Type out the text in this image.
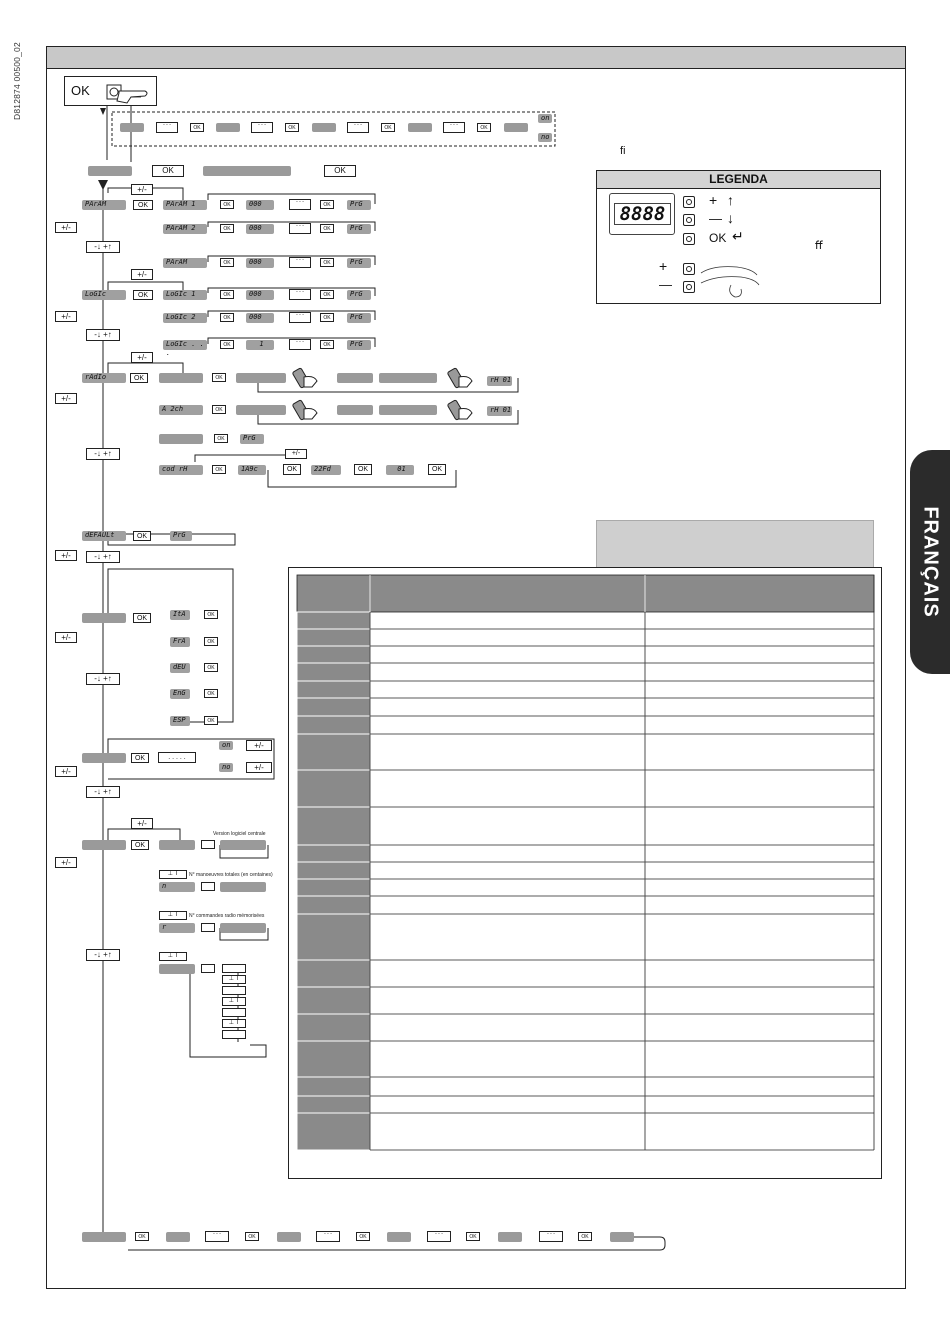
D812874 00500_02
FRANÇAIS
OK
- - -	OK	- - -	OK	- - -	OK	- - -	OK
on
no
OK	OK
+/-
PArAM	OK
+/-
-↓ +↑
PArAM 1	OK	000	- - -	OK	PrG
PArAM 2	OK	000	- - -	OK	PrG
PArAM	OK	000	- - -	OK	PrG
+/-
LoGIc	OK
+/-
-↓ +↑
LoGIc 1	OK	000	- - -	OK	PrG
LoGIc 2	OK	000	- - -	OK	PrG
LoGIc . . .
OK	1	- - -	OK	PrG
+/-
rAdIo	OK
+/-
-↓ +↑
OK	rH 01
A 2ch	OK	rH 01
OK	PrG
+/-
cod rH	OK	1A9c	OK	22Fd	OK	01	OK
dEFAULt	OK	PrG
+/-	-↓ +↑
OK
+/-
-↓ +↑
ItA	OK
FrA	OK
dEU	OK
EnG	OK
ESP	OK
OK	. . . . .
on	+/-
no	+/-
+/-
-↓ +↑
+/-
OK
+/-
-↓ +↑
Version logiciel centrale
⊥ T	N° manoeuvres totales (en centaines)
n
⊥ T	N° commandes radio mémorisées
r
⊥ T
⊥ T
⊥ T
⊥ T
OK	- - -	OK	- - -	OK	- - -	OK	- - -	OK
ﬁ
LEGENDA
8888
+ ↑
— ↓
OK ↵
ﬀ
+
—
